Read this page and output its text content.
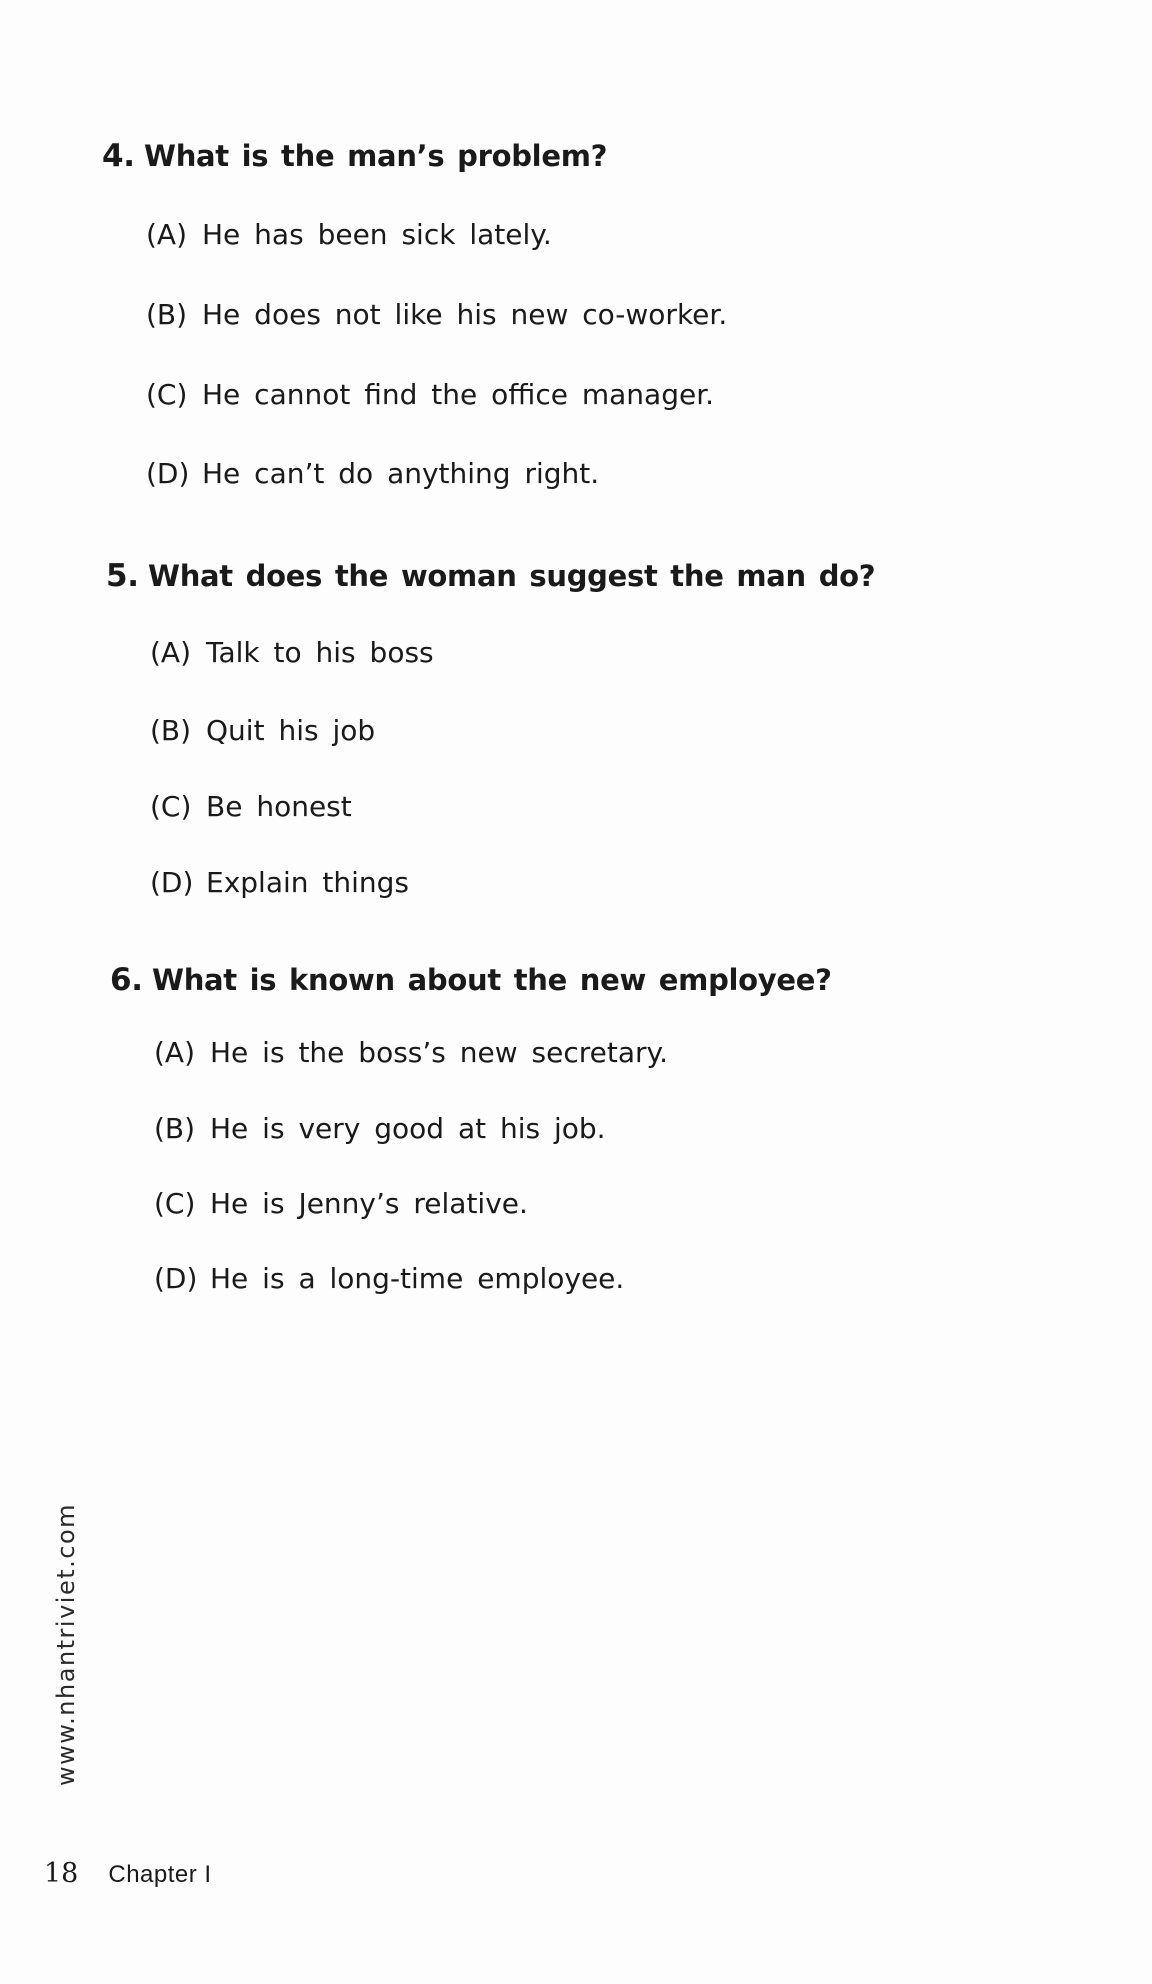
4. What is the man’s problem?

(A) He has been sick lately.
(B) He does not like his new co-worker.
(C) He cannot find the office manager.
(D) He can’t do anything right.

5. What does the woman suggest the man do?

(A) Talk to his boss
(B) Quit his job
(C) Be honest
(D) Explain things

6. What is known about the new employee?

(A) He is the boss’s new secretary.
(B) He is very good at his job.
(C) He is Jenny’s relative.
(D) He is a long-time employee.
www.nhantriviet.com
18 Chapter I
